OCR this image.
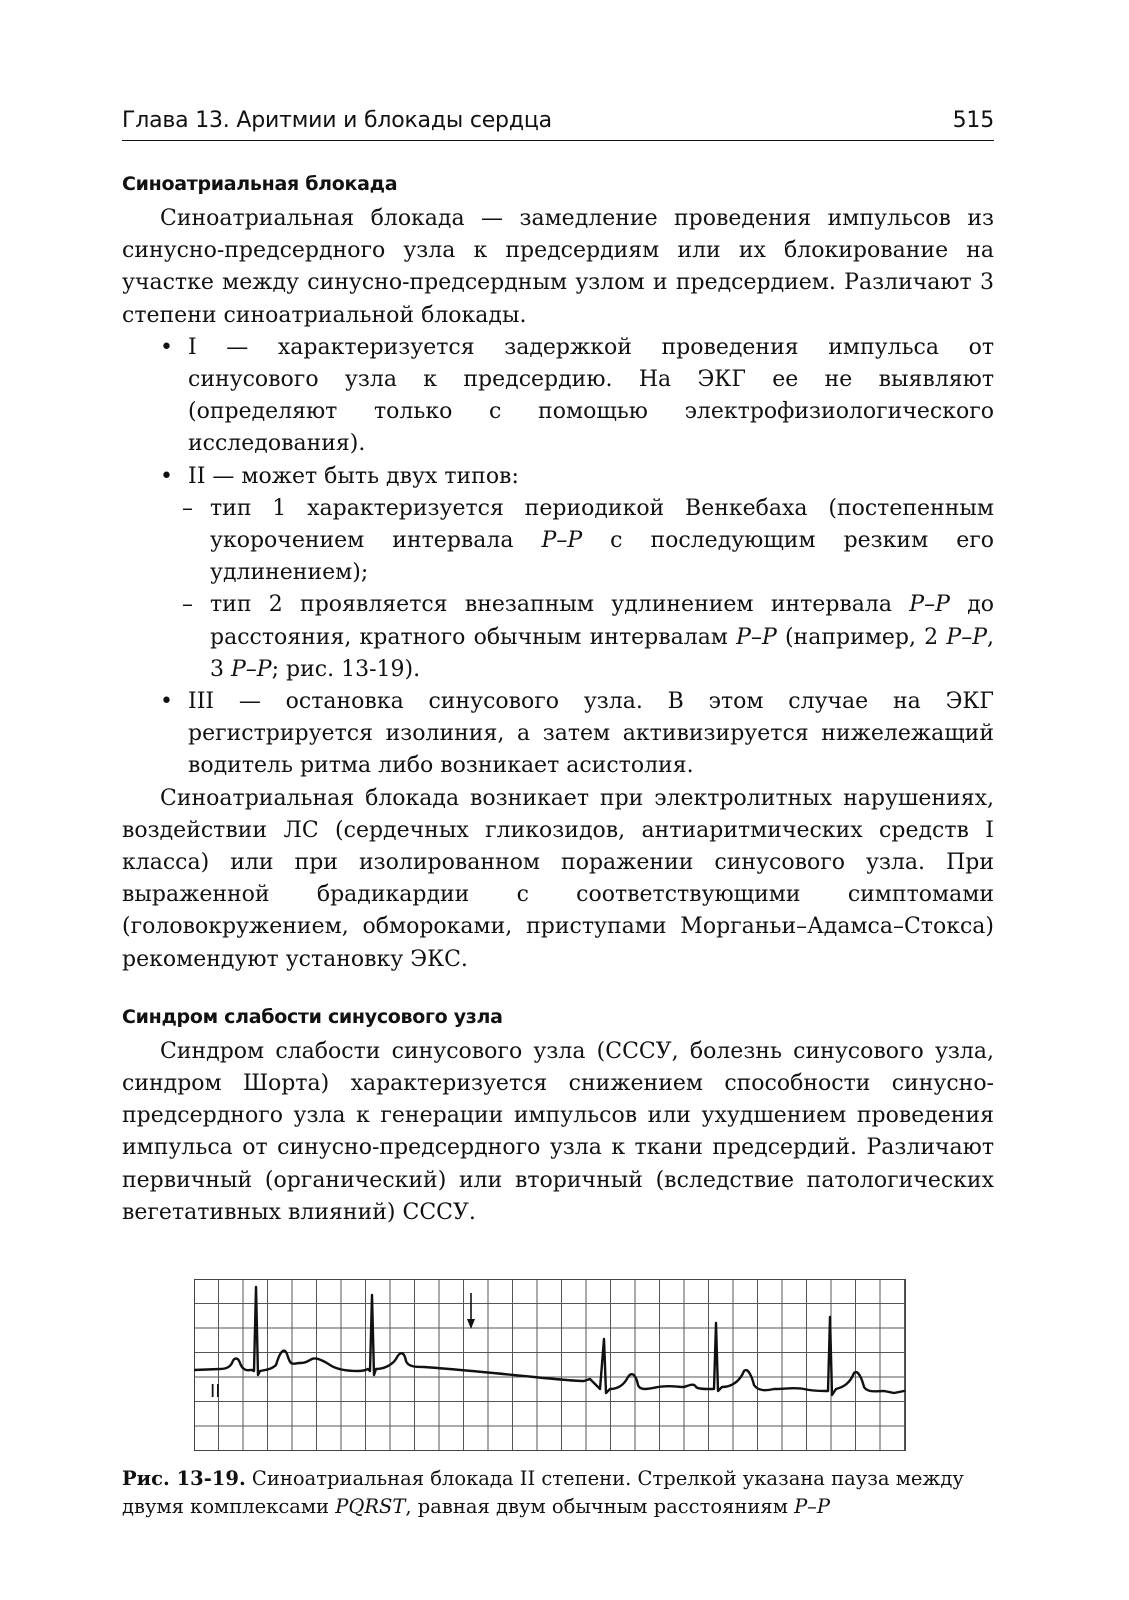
Глава 13. Аритмии и блокады сердца	515
Синоатриальная блокада

Синоатриальная блокада — замедление проведения импульсов из синусно-предсердного узла к предсердиям или их блокирование на участке между синусно-предсердным узлом и предсердием. Различают 3 степени синоатриальной блокады.

• I — характеризуется задержкой проведения импульса от синусового узла к предсердию. На ЭКГ ее не выявляют (определяют только с помощью электрофизиологического исследования).
• II — может быть двух типов:
– тип 1 характеризуется периодикой Венкебаха (постепенным укорочением интервала P–P с последующим резким его удлинением);
– тип 2 проявляется внезапным удлинением интервала P–P до расстояния, кратного обычным интервалам P–P (например, 2 P–P, 3 P–P; рис. 13-19).
• III — остановка синусового узла. В этом случае на ЭКГ регистрируется изолиния, а затем активизируется нижележащий водитель ритма либо возникает асистолия.

Синоатриальная блокада возникает при электролитных нарушениях, воздействии ЛС (сердечных гликозидов, антиаритмических средств I класса) или при изолированном поражении синусового узла. При выраженной брадикардии с соответствующими симптомами (головокружением, обмороками, приступами Морганьи–Адамса–Стокса) рекомендуют установку ЭКС.

Синдром слабости синусового узла

Синдром слабости синусового узла (СССУ, болезнь синусового узла, синдром Шорта) характеризуется снижением способности синусно-предсердного узла к генерации импульсов или ухудшением проведения импульса от синусно-предсердного узла к ткани предсердий. Различают первичный (органический) или вторичный (вследствие патологических вегетативных влияний) СССУ.

II
Рис. 13-19. Синоатриальная блокада II степени. Стрелкой указана пауза между двумя комплексами PQRST, равная двум обычным расстояниям P–P
